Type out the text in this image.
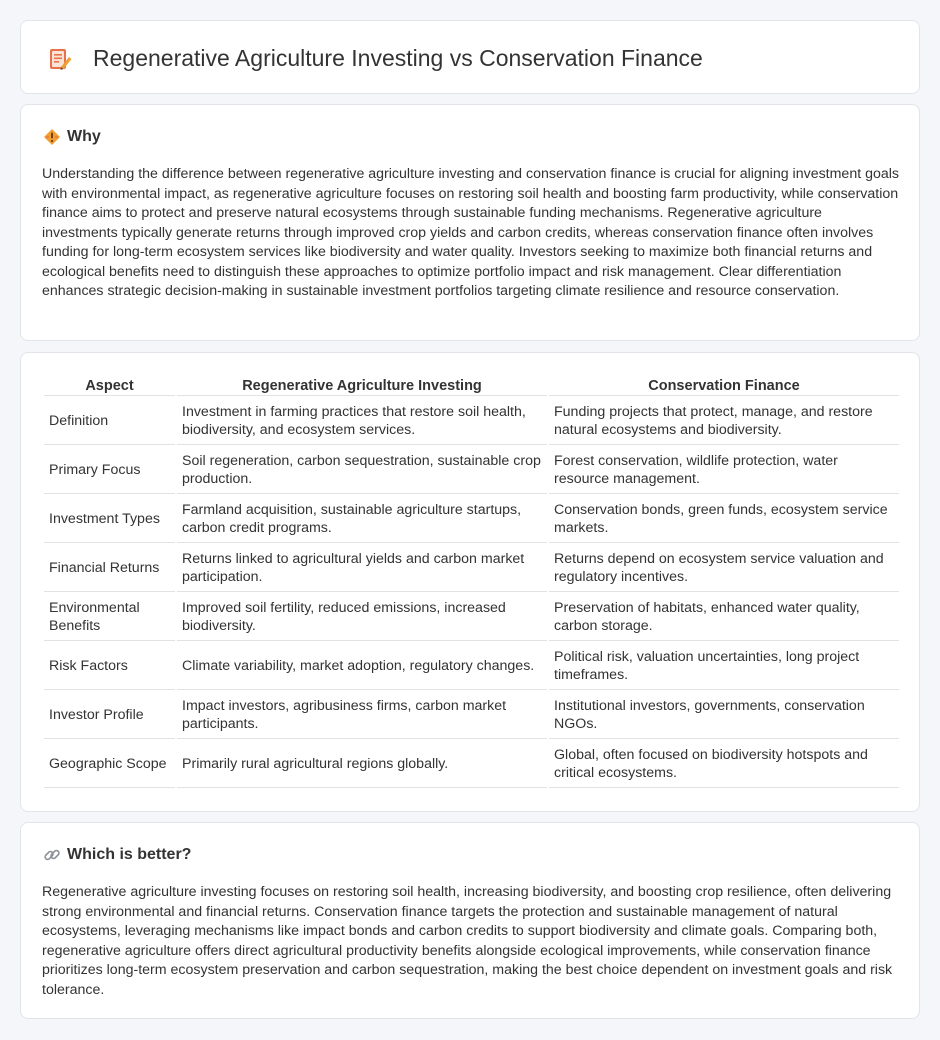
Regenerative Agriculture Investing vs Conservation Finance
Why

Understanding the difference between regenerative agriculture investing and conservation finance is crucial for aligning investment goals with environmental impact, as regenerative agriculture focuses on restoring soil health and boosting farm productivity, while conservation finance aims to protect and preserve natural ecosystems through sustainable funding mechanisms. Regenerative agriculture investments typically generate returns through improved crop yields and carbon credits, whereas conservation finance often involves funding for long-term ecosystem services like biodiversity and water quality. Investors seeking to maximize both financial returns and ecological benefits need to distinguish these approaches to optimize portfolio impact and risk management. Clear differentiation enhances strategic decision-making in sustainable investment portfolios targeting climate resilience and resource conservation.

Aspect	Regenerative Agriculture Investing	Conservation Finance
Definition	Investment in farming practices that restore soil health, biodiversity, and ecosystem services.	Funding projects that protect, manage, and restore natural ecosystems and biodiversity.
Primary Focus	Soil regeneration, carbon sequestration, sustainable crop production.	Forest conservation, wildlife protection, water resource management.
Investment Types	Farmland acquisition, sustainable agriculture startups, carbon credit programs.	Conservation bonds, green funds, ecosystem service markets.
Financial Returns	Returns linked to agricultural yields and carbon market participation.	Returns depend on ecosystem service valuation and regulatory incentives.
Environmental Benefits	Improved soil fertility, reduced emissions, increased biodiversity.	Preservation of habitats, enhanced water quality, carbon storage.
Risk Factors	Climate variability, market adoption, regulatory changes.	Political risk, valuation uncertainties, long project timeframes.
Investor Profile	Impact investors, agribusiness firms, carbon market participants.	Institutional investors, governments, conservation NGOs.
Geographic Scope	Primarily rural agricultural regions globally.	Global, often focused on biodiversity hotspots and critical ecosystems.
Which is better?

Regenerative agriculture investing focuses on restoring soil health, increasing biodiversity, and boosting crop resilience, often delivering strong environmental and financial returns. Conservation finance targets the protection and sustainable management of natural ecosystems, leveraging mechanisms like impact bonds and carbon credits to support biodiversity and climate goals. Comparing both, regenerative agriculture offers direct agricultural productivity benefits alongside ecological improvements, while conservation finance prioritizes long-term ecosystem preservation and carbon sequestration, making the best choice dependent on investment goals and risk tolerance.
